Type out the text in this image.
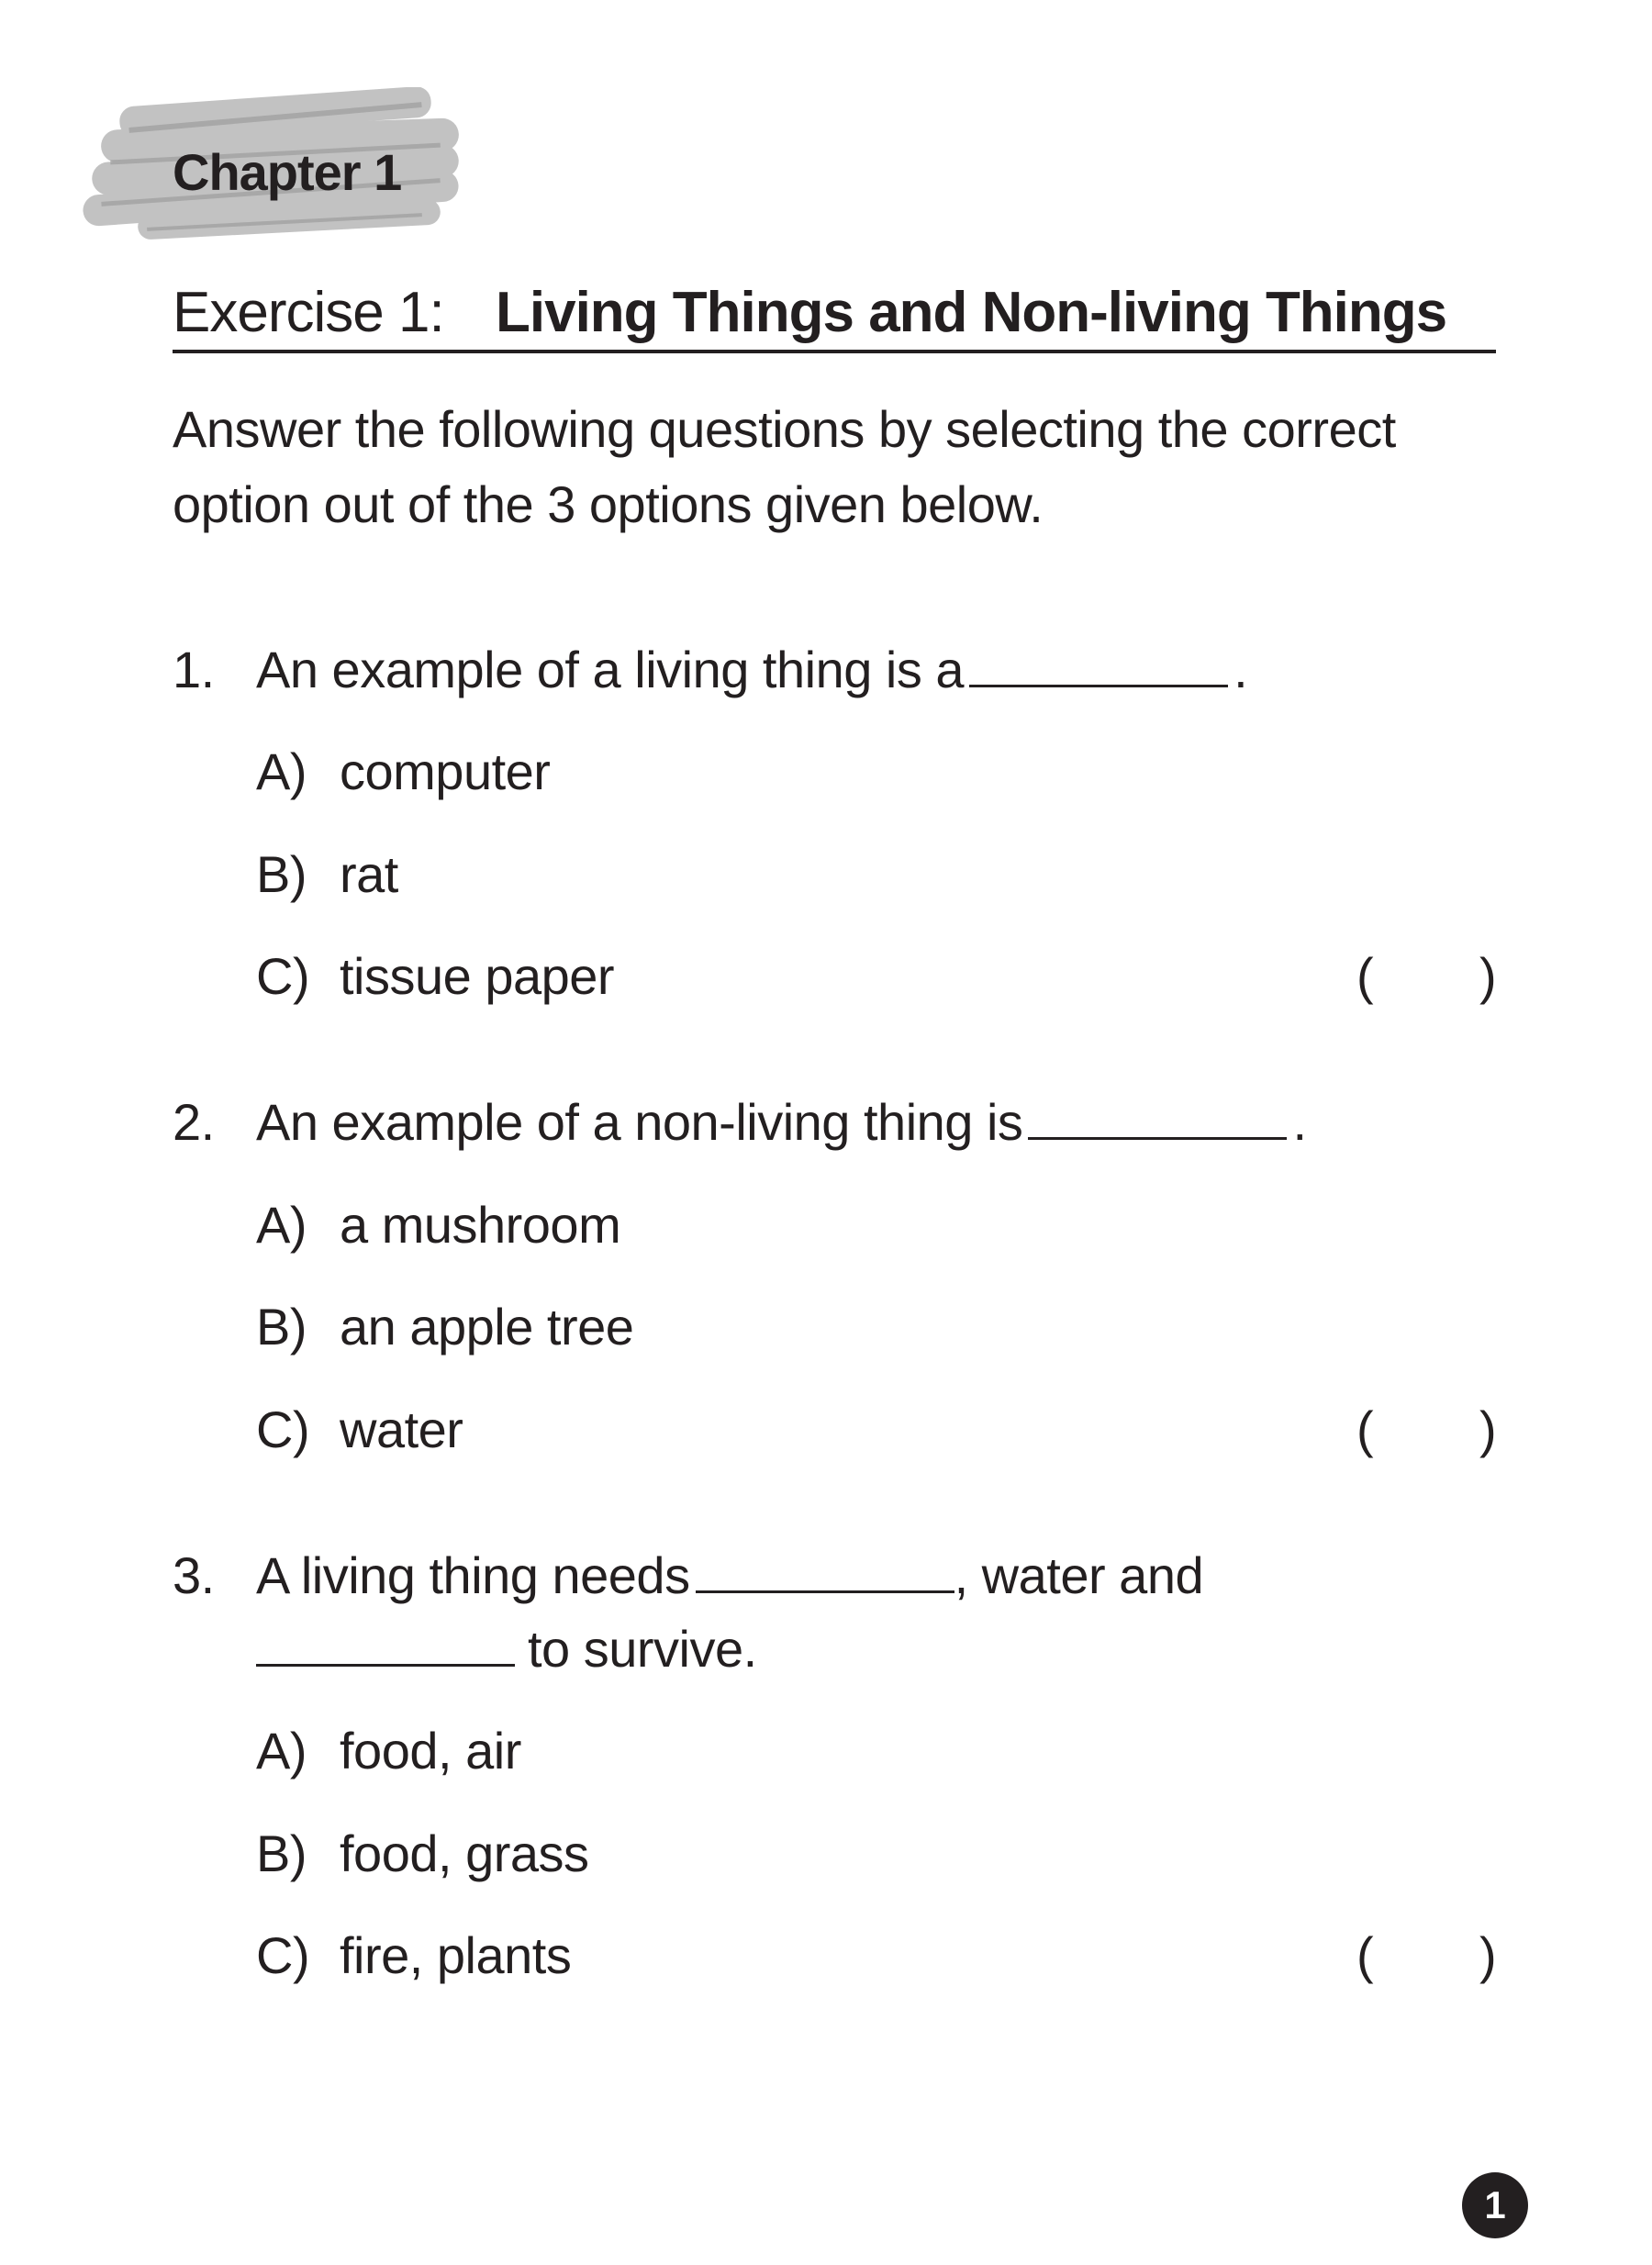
Chapter 1
Exercise 1: Living Things and Non-living Things
Answer the following questions by selecting the correct
option out of the 3 options given below.
1. An example of a living thing is a	.
A) computer
B) rat
C) tissue paper	( )
2. An example of a non-living thing is	.
A) a mushroom
B) an apple tree
C) water	( )
3. A living thing needs	, water and
to survive.
A) food, air
B) food, grass
C) fire, plants	( )
1
